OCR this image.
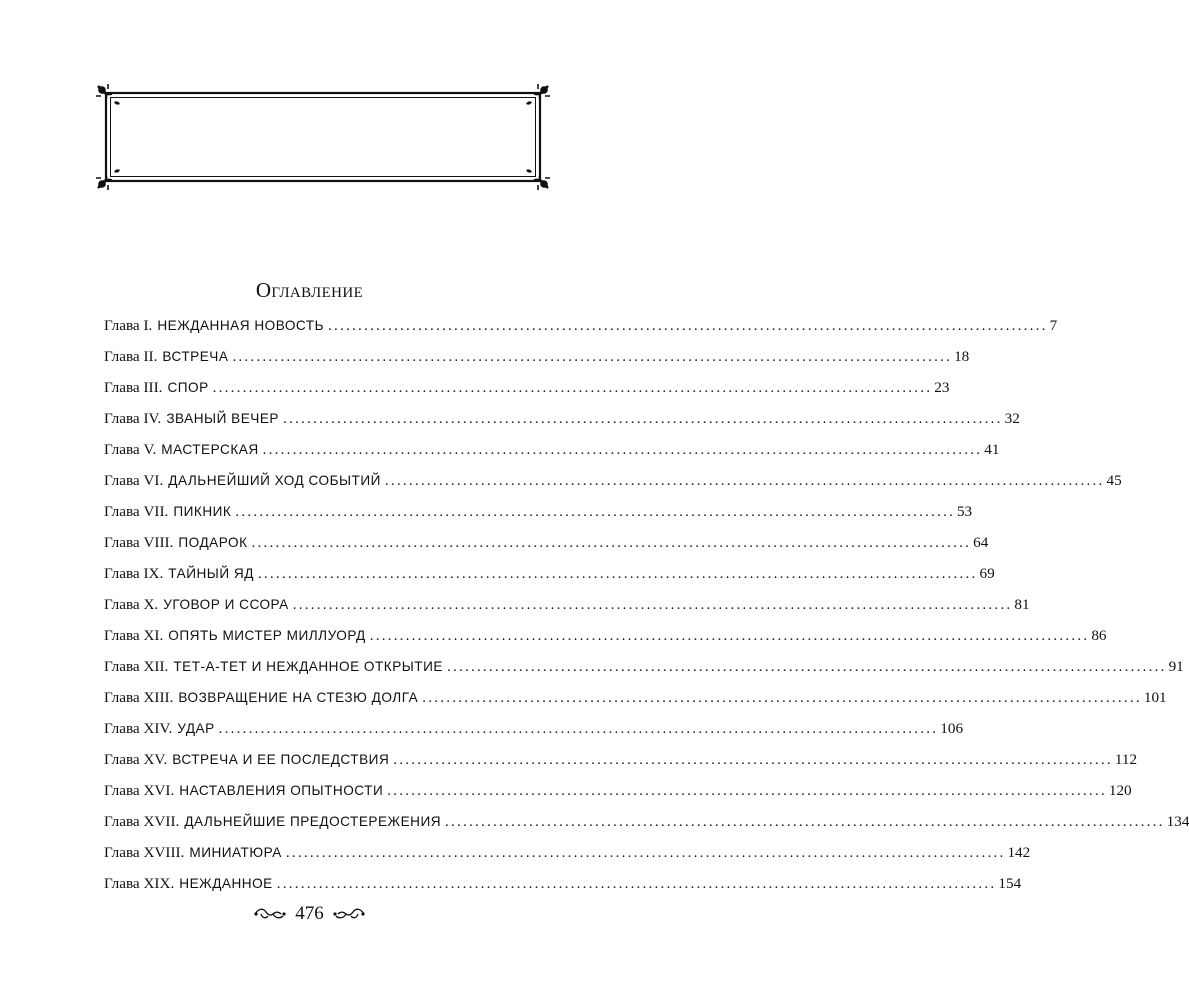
Оглавление
Глава I. НЕЖДАННАЯ НОВОСТЬ ........................................................................................................................ 7
Глава II. ВСТРЕЧА ........................................................................................................................ 18
Глава III. СПОР ........................................................................................................................ 23
Глава IV. ЗВАНЫЙ ВЕЧЕР ........................................................................................................................ 32
Глава V. МАСТЕРСКАЯ ........................................................................................................................ 41
Глава VI. ДАЛЬНЕЙШИЙ ХОД СОБЫТИЙ ........................................................................................................................ 45
Глава VII. ПИКНИК ........................................................................................................................ 53
Глава VIII. ПОДАРОК ........................................................................................................................ 64
Глава IX. ТАЙНЫЙ ЯД ........................................................................................................................ 69
Глава X. УГОВОР И ССОРА ........................................................................................................................ 81
Глава XI. ОПЯТЬ МИСТЕР МИЛЛУОРД ........................................................................................................................ 86
Глава XII. ТЕТ-А-ТЕТ И НЕЖДАННОЕ ОТКРЫТИЕ ........................................................................................................................ 91
Глава XIII. ВОЗВРАЩЕНИЕ НА СТЕЗЮ ДОЛГА ........................................................................................................................ 101
Глава XIV. УДАР ........................................................................................................................ 106
Глава XV. ВСТРЕЧА И ЕЕ ПОСЛЕДСТВИЯ ........................................................................................................................ 112
Глава XVI. НАСТАВЛЕНИЯ ОПЫТНОСТИ ........................................................................................................................ 120
Глава XVII. ДАЛЬНЕЙШИЕ ПРЕДОСТЕРЕЖЕНИЯ ........................................................................................................................ 134
Глава XVIII. МИНИАТЮРА ........................................................................................................................ 142
Глава XIX. НЕЖДАННОЕ ........................................................................................................................ 154
476
